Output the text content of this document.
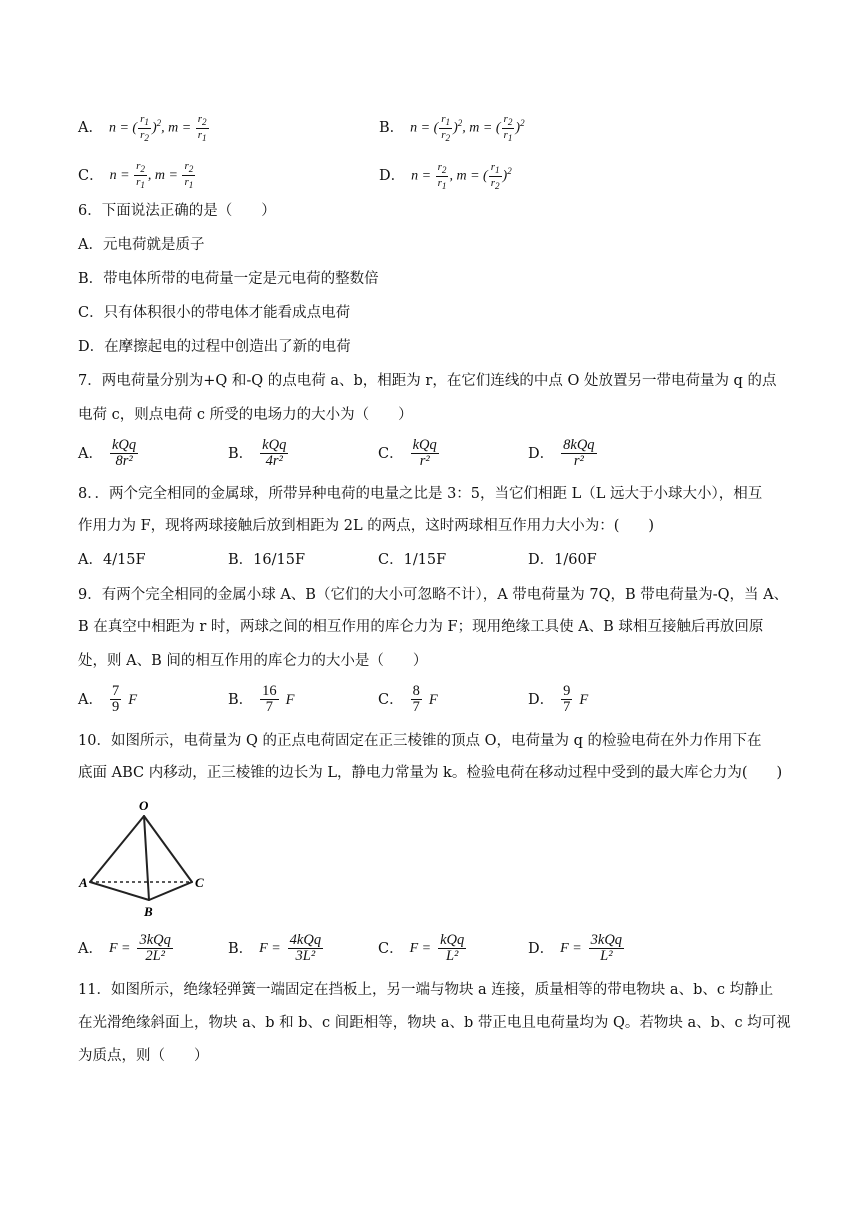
A． n = ( $\frac{r_1}{r_2} )^2$, $m = \frac{r_2}{r_1}$	B． n = ( $\frac{r_1}{r_2} )^2$, m = ( $\frac{r_2}{r_1} )^2$
C． $n = \frac{r_2}{r_1}$ , $m = \frac{r_2}{r_1}$	D． $n = \frac{r_2}{r_1}$ , m = ( $\frac{r_1}{r_2} )^2$
6．下面说法正确的是（　　）
A．元电荷就是质子
B．带电体所带的电荷量一定是元电荷的整数倍
C．只有体积很小的带电体才能看成点电荷
D．在摩擦起电的过程中创造出了新的电荷
7．两电荷量分别为+Q 和-Q 的点电荷 a、b，相距为 r，在它们连线的中点 O 处放置另一带电荷量为 q 的点
电荷 c，则点电荷 c 所受的电场力的大小为（　　）
A． $\frac{\text{kQq}}{\text{8r²}}$	B． $\frac{\text{kQq}}{\text{4r²}}$	C． $\frac{\text{kQq}}{\text{r²}}$	D． $\frac{\text{8kQq}}{\text{r²}}$
8．．两个完全相同的金属球，所带异种电荷的电量之比是 3：5，当它们相距 L（L 远大于小球大小），相互
作用力为 F，现将两球接触后放到相距为 2L 的两点，这时两球相互作用力大小为：(　　)
A．4/15F	B．16/15F	C．1/15F	D．1/60F
9．有两个完全相同的金属小球 A、B（它们的大小可忽略不计），A 带电荷量为 7Q，B 带电荷量为-Q，当 A、
B 在真空中相距为 r 时，两球之间的相互作用的库仑力为 F；现用绝缘工具使 A、B 球相互接触后再放回原
处，则 A、B 间的相互作用的库仑力的大小是（　　）
A． $\frac{7}{9}$ F	B． $\frac{16}{7}$ F	C． $\frac{8}{7}$ F	D． $\frac{9}{7}$ F
10．如图所示，电荷量为 Q 的正点电荷固定在正三棱锥的顶点 O，电荷量为 q 的检验电荷在外力作用下在
底面 ABC 内移动，正三棱锥的边长为 L，静电力常量为 k。检验电荷在移动过程中受到的最大库仑力为(　　)
O
A
B
C
A． $F = \frac{\text{3kQq}}{\text{2L²}}$	B． $F = \frac{\text{4kQq}}{\text{3L²}}$	C． $F = \frac{\text{kQq}}{\text{L²}}$	D． $F = \frac{\text{3kQq}}{\text{L²}}$
11．如图所示，绝缘轻弹簧一端固定在挡板上，另一端与物块 a 连接，质量相等的带电物块 a、b、c 均静止
在光滑绝缘斜面上，物块 a、b 和 b、c 间距相等，物块 a、b 带正电且电荷量均为 Q。若物块 a、b、c 均可视
为质点，则（　　）
